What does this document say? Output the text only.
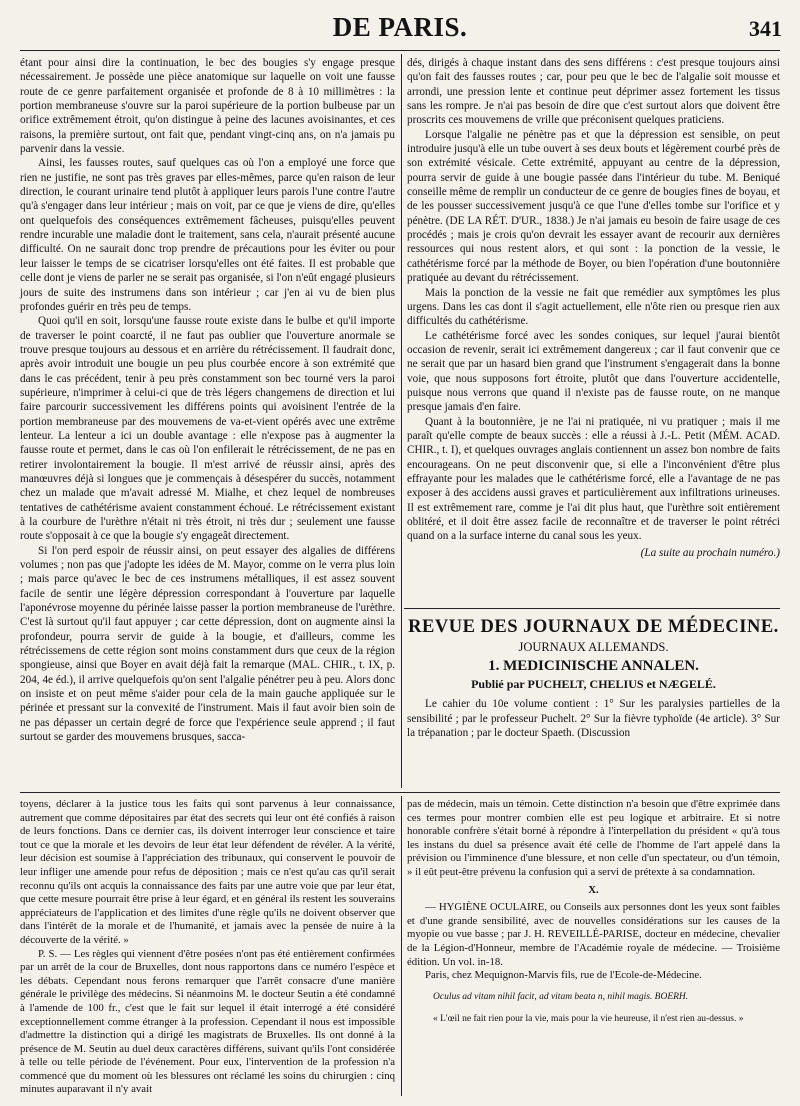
DE PARIS.	341

étant pour ainsi dire la continuation, le bec des bougies s'y engage presque nécessairement. Je possède une pièce anatomique sur laquelle on voit une fausse route de ce genre parfaitement organisée et profonde de 8 à 10 millimètres : la portion membraneuse s'ouvre sur la paroi supérieure de la portion bulbeuse par un orifice extrêmement étroit, qu'on distingue à peine des lacunes avoisinantes, et ces raisons, la première surtout, ont fait que, pendant vingt-cinq ans, on n'a jamais pu parvenir dans la vessie.

Ainsi, les fausses routes, sauf quelques cas où l'on a employé une force que rien ne justifie, ne sont pas très graves par elles-mêmes, parce qu'en raison de leur direction, le courant urinaire tend plutôt à appliquer leurs parois l'une contre l'autre qu'à s'engager dans leur intérieur ; mais on voit, par ce que je viens de dire, qu'elles ont quelquefois des conséquences extrêmement fâcheuses, puisqu'elles peuvent rendre incurable une maladie dont le traitement, sans cela, n'aurait présenté aucune difficulté. On ne saurait donc trop prendre de précautions pour les éviter ou pour leur laisser le temps de se cicatriser lorsqu'elles ont été faites. Il est probable que celle dont je viens de parler ne se serait pas organisée, si l'on n'eût engagé plusieurs jours de suite des instrumens dans son intérieur ; car j'en ai vu de bien plus profondes guérir en très peu de temps.

Quoi qu'il en soit, lorsqu'une fausse route existe dans le bulbe et qu'il importe de traverser le point coarcté, il ne faut pas oublier que l'ouverture anormale se trouve presque toujours au dessous et en arrière du rétrécissement. Il faudrait donc, après avoir introduit une bougie un peu plus courbée encore à son extrémité que dans le cas précédent, tenir à peu près constamment son bec tourné vers la paroi supérieure, n'imprimer à celui-ci que de très légers changemens de direction et lui faire parcourir successivement les différens points qui avoisinent l'entrée de la portion membraneuse par des mouvemens de va-et-vient opérés avec une extrême lenteur. La lenteur a ici un double avantage : elle n'expose pas à augmenter la fausse route et permet, dans le cas où l'on enfilerait le rétrécissement, de ne pas en retirer involontairement la bougie. Il m'est arrivé de réussir ainsi, après des manœuvres déjà si longues que je commençais à désespérer du succès, notamment chez un malade que m'avait adressé M. Mialhe, et chez lequel de nombreuses tentatives de cathétérisme avaient constamment échoué. Le rétrécissement existant à la courbure de l'urèthre n'était ni très étroit, ni très dur ; seulement une fausse route s'opposait à ce que la bougie s'y engageât directement.

Si l'on perd espoir de réussir ainsi, on peut essayer des algalies de différens volumes ; non pas que j'adopte les idées de M. Mayor, comme on le verra plus loin ; mais parce qu'avec le bec de ces instrumens métalliques, il est assez souvent facile de sentir une légère dépression correspondant à l'ouverture par laquelle l'aponévrose moyenne du périnée laisse passer la portion membraneuse de l'urèthre. C'est là surtout qu'il faut appuyer ; car cette dépression, dont on augmente ainsi la profondeur, pourra servir de guide à la bougie, et d'ailleurs, comme les rétrécissemens de cette région sont moins constamment durs que ceux de la région spongieuse, ainsi que Boyer en avait déjà fait la remarque (MAL. CHIR., t. IX, p. 204, 4e éd.), il arrive quelquefois qu'on sent l'algalie pénétrer peu à peu. Alors donc on insiste et on peut même s'aider pour cela de la main gauche appliquée sur le périnée et pressant sur la convexité de l'instrument. Mais il faut avoir bien soin de ne pas dépasser un certain degré de force que l'expérience seule apprend ; il faut surtout se garder des mouvemens brusques, sacca-

dés, dirigés à chaque instant dans des sens différens : c'est presque toujours ainsi qu'on fait des fausses routes ; car, pour peu que le bec de l'algalie soit mousse et arrondi, une pression lente et continue peut déprimer assez fortement les tissus sans les rompre. Je n'ai pas besoin de dire que c'est surtout alors que doivent être proscrits ces mouvemens de vrille que préconisent quelques praticiens.

Lorsque l'algalie ne pénètre pas et que la dépression est sensible, on peut introduire jusqu'à elle un tube ouvert à ses deux bouts et légèrement courbé près de son extrémité vésicale. Cette extrémité, appuyant au centre de la dépression, pourra servir de guide à une bougie passée dans l'intérieur du tube. M. Beniqué conseille même de remplir un conducteur de ce genre de bougies fines de boyau, et de les pousser successivement jusqu'à ce que l'une d'elles tombe sur l'orifice et y pénètre. (DE LA RÉT. D'UR., 1838.) Je n'ai jamais eu besoin de faire usage de ces procédés ; mais je crois qu'on devrait les essayer avant de recourir aux dernières ressources qui nous restent alors, et qui sont : la ponction de la vessie, le cathétérisme forcé par la méthode de Boyer, ou bien l'opération d'une boutonnière pratiquée au devant du rétrécissement.

Mais la ponction de la vessie ne fait que remédier aux symptômes les plus urgens. Dans les cas dont il s'agit actuellement, elle n'ôte rien ou presque rien aux difficultés du cathétérisme.

Le cathétérisme forcé avec les sondes coniques, sur lequel j'aurai bientôt occasion de revenir, serait ici extrêmement dangereux ; car il faut convenir que ce ne serait que par un hasard bien grand que l'instrument s'engagerait dans la bonne voie, que nous supposons fort étroite, plutôt que dans l'ouverture accidentelle, puisque nous verrons que quand il n'existe pas de fausse route, on ne manque presque jamais d'en faire.

Quant à la boutonnière, je ne l'ai ni pratiquée, ni vu pratiquer ; mais il me paraît qu'elle compte de beaux succès : elle a réussi à J.-L. Petit (MÉM. ACAD. CHIR., t. I), et quelques ouvrages anglais contiennent un assez bon nombre de faits encourageans. On ne peut disconvenir que, si elle a l'inconvénient d'être plus effrayante pour les malades que le cathétérisme forcé, elle a l'avantage de ne pas exposer à des accidens aussi graves et particulièrement aux infiltrations urineuses. Il est extrêmement rare, comme je l'ai dit plus haut, que l'urèthre soit entièrement oblitéré, et il doit être assez facile de reconnaître et de traverser le point rétréci quand on a la surface interne du canal sous les yeux.

(La suite au prochain numéro.)
REVUE DES JOURNAUX DE MÉDECINE.
JOURNAUX ALLEMANDS.
1. MEDICINISCHE ANNALEN.
Publié par PUCHELT, CHELIUS et NÆGELÉ.

Le cahier du 10e volume contient : 1° Sur les paralysies partielles de la sensibilité ; par le professeur Puchelt. 2° Sur la fièvre typhoïde (4e article). 3° Sur la trépanation ; par le docteur Spaeth. (Discussion

toyens, déclarer à la justice tous les faits qui sont parvenus à leur connaissance, autrement que comme dépositaires par état des secrets qui leur ont été confiés à raison de leurs fonctions. Dans ce dernier cas, ils doivent interroger leur conscience et taire tout ce que la morale et les devoirs de leur état leur défendent de révéler. A la vérité, leur décision est soumise à l'appréciation des tribunaux, qui conservent le pouvoir de leur infliger une amende pour refus de déposition ; mais ce n'est qu'au cas qu'il serait reconnu qu'ils ont acquis la connaissance des faits par une autre voie que par leur état, que cette mesure pourrait être prise à leur égard, et en général ils restent les souverains appréciateurs de l'application et des limites d'une règle qu'ils ne doivent observer que dans l'intérêt de la morale et de l'humanité, et jamais avec la pensée de nuire à la découverte de la vérité. »

P. S. — Les règles qui viennent d'être posées n'ont pas été entièrement confirmées par un arrêt de la cour de Bruxelles, dont nous rapportons dans ce numéro l'espèce et les débats. Cependant nous ferons remarquer que l'arrêt consacre d'une manière générale le privilège des médecins. Si néanmoins M. le docteur Seutin a été condamné à l'amende de 100 fr., c'est que le fait sur lequel il était interrogé a été considéré exceptionnellement comme étranger à la profession. Cependant il nous est impossible d'admettre la distinction qui a dirigé les magistrats de Bruxelles. Ils ont donné à la présence de M. Seutin au duel deux caractères différens, suivant qu'ils l'ont considérée à telle ou telle période de l'événement. Pour eux, l'intervention de la profession n'a commencé que du moment où les blessures ont réclamé les soins du chirurgien : cinq minutes auparavant il n'y avait

pas de médecin, mais un témoin. Cette distinction n'a besoin que d'être exprimée dans ces termes pour montrer combien elle est peu logique et arbitraire. Et si notre honorable confrère s'était borné à répondre à l'interpellation du président « qu'à tous les instans du duel sa présence avait été celle de l'homme de l'art appelé dans la prévision ou l'imminence d'une blessure, et non celle d'un spectateur, ou d'un témoin, » il eût peut-être prévenu la confusion qui a servi de prétexte à sa condamnation.

X.

— HYGIÈNE OCULAIRE, ou Conseils aux personnes dont les yeux sont faibles et d'une grande sensibilité, avec de nouvelles considérations sur les causes de la myopie ou vue basse ; par J. H. REVEILLÉ-PARISE, docteur en médecine, chevalier de la Légion-d'Honneur, membre de l'Académie royale de médecine. — Troisième édition. Un vol. in-18.

Paris, chez Mequignon-Marvis fils, rue de l'Ecole-de-Médecine.

Oculus ad vitam nihil facit, ad vitam beata n, nihil magis. BOERH.
« L'œil ne fait rien pour la vie, mais pour la vie heureuse, il n'est rien au-dessus. »
